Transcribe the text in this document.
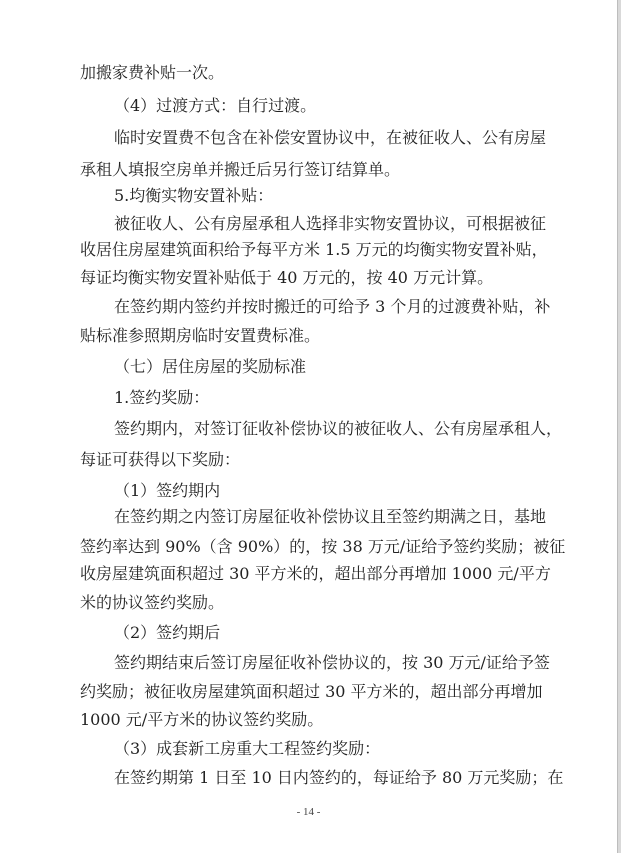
加搬家费补贴一次。
（4）过渡方式：自行过渡。
临时安置费不包含在补偿安置协议中，在被征收人、公有房屋
承租人填报空房单并搬迁后另行签订结算单。
5.均衡实物安置补贴：
被征收人、公有房屋承租人选择非实物安置协议，可根据被征
收居住房屋建筑面积给予每平方米 1.5 万元的均衡实物安置补贴，
每证均衡实物安置补贴低于 40 万元的，按 40 万元计算。
在签约期内签约并按时搬迁的可给予 3 个月的过渡费补贴，补
贴标准参照期房临时安置费标准。
（七）居住房屋的奖励标准
1.签约奖励：
签约期内，对签订征收补偿协议的被征收人、公有房屋承租人，
每证可获得以下奖励：
（1）签约期内
在签约期之内签订房屋征收补偿协议且至签约期满之日，基地
签约率达到 90%（含 90%）的，按 38 万元/证给予签约奖励；被征
收房屋建筑面积超过 30 平方米的，超出部分再增加 1000 元/平方
米的协议签约奖励。
（2）签约期后
签约期结束后签订房屋征收补偿协议的，按 30 万元/证给予签
约奖励；被征收房屋建筑面积超过 30 平方米的，超出部分再增加
1000 元/平方米的协议签约奖励。
（3）成套新工房重大工程签约奖励：
在签约期第 1 日至 10 日内签约的，每证给予 80 万元奖励；在
- 14 -
